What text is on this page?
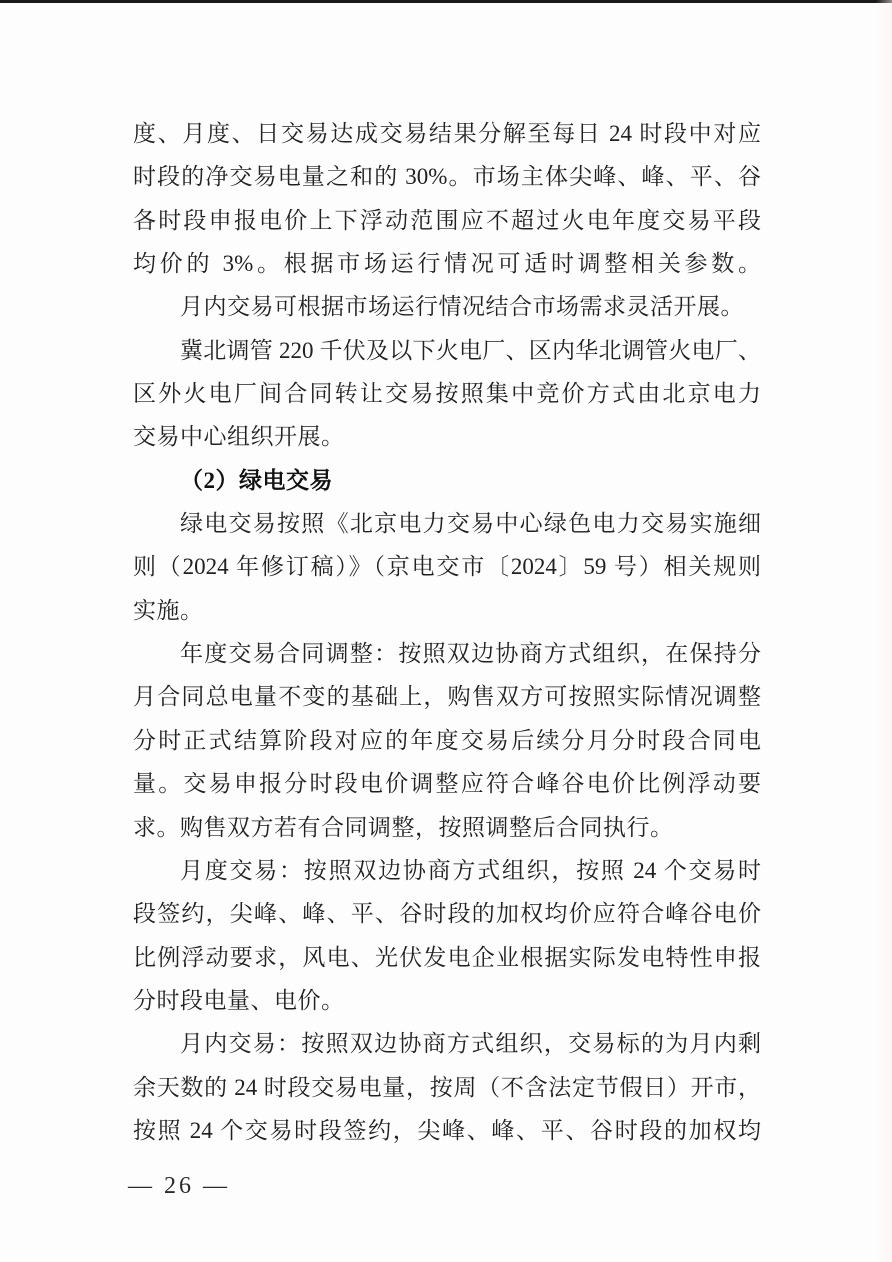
度、月度、日交易达成交易结果分解至每日 24 时段中对应
时段的净交易电量之和的 30%。市场主体尖峰、峰、平、谷
各时段申报电价上下浮动范围应不超过火电年度交易平段
均价的 3%。根据市场运行情况可适时调整相关参数。
月内交易可根据市场运行情况结合市场需求灵活开展。
冀北调管 220 千伏及以下火电厂、区内华北调管火电厂、
区外火电厂间合同转让交易按照集中竞价方式由北京电力
交易中心组织开展。
（2）绿电交易
绿电交易按照《北京电力交易中心绿色电力交易实施细
则（2024 年修订稿）》（京电交市〔2024〕59 号）相关规则
实施。
年度交易合同调整：按照双边协商方式组织，在保持分
月合同总电量不变的基础上，购售双方可按照实际情况调整
分时正式结算阶段对应的年度交易后续分月分时段合同电
量。交易申报分时段电价调整应符合峰谷电价比例浮动要
求。购售双方若有合同调整，按照调整后合同执行。
月度交易：按照双边协商方式组织，按照 24 个交易时
段签约，尖峰、峰、平、谷时段的加权均价应符合峰谷电价
比例浮动要求，风电、光伏发电企业根据实际发电特性申报
分时段电量、电价。
月内交易：按照双边协商方式组织，交易标的为月内剩
余天数的 24 时段交易电量，按周（不含法定节假日）开市，
按照 24 个交易时段签约，尖峰、峰、平、谷时段的加权均
— 26 —
